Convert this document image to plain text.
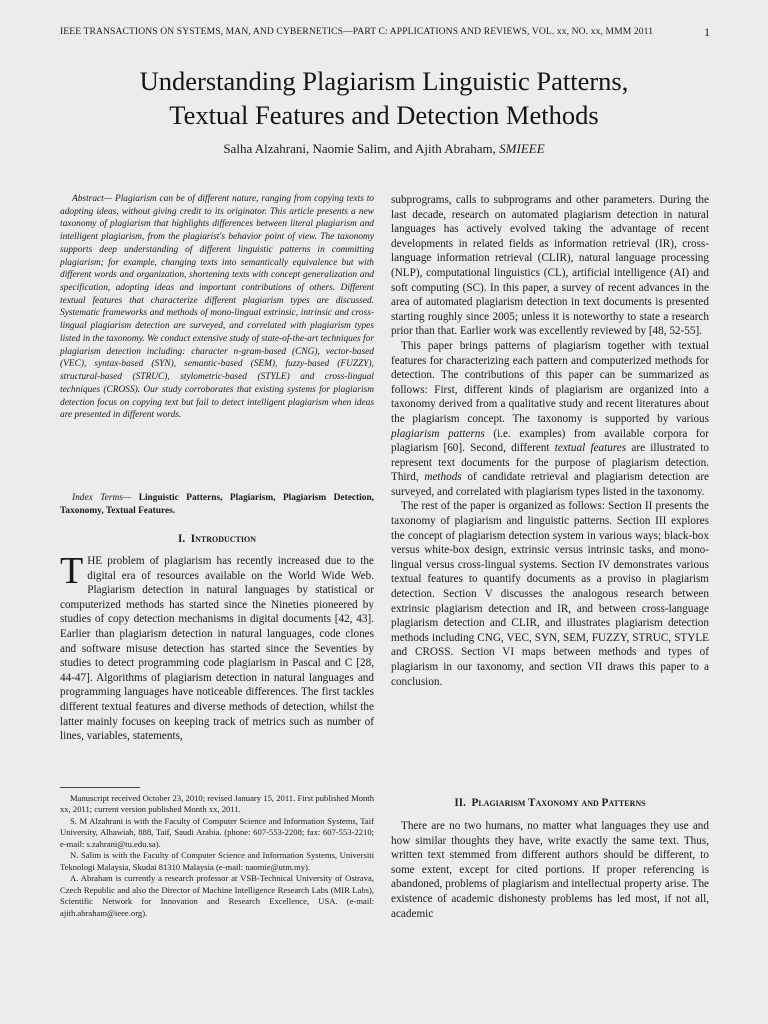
IEEE TRANSACTIONS ON SYSTEMS, MAN, AND CYBERNETICS—PART C: APPLICATIONS AND REVIEWS, VOL. xx, NO. xx, MMM 2011	1
Understanding Plagiarism Linguistic Patterns,
Textual Features and Detection Methods
Salha Alzahrani, Naomie Salim, and Ajith Abraham, SMIEEE

Abstract— Plagiarism can be of different nature, ranging from copying texts to adopting ideas, without giving credit to its originator. This article presents a new taxonomy of plagiarism that highlights differences between literal plagiarism and intelligent plagiarism, from the plagiarist's behavior point of view. The taxonomy supports deep understanding of different linguistic patterns in committing plagiarism; for example, changing texts into semantically equivalence but with different words and organization, shortening texts with concept generalization and specification, adopting ideas and important contributions of others. Different textual features that characterize different plagiarism types are discussed. Systematic frameworks and methods of mono-lingual extrinsic, intrinsic and cross-lingual plagiarism detection are surveyed, and correlated with plagiarism types listed in the taxonomy. We conduct extensive study of state-of-the-art techniques for plagiarism detection including: character n-gram-based (CNG), vector-based (VEC), syntax-based (SYN), semantic-based (SEM), fuzzy-based (FUZZY), structural-based (STRUC), stylometric-based (STYLE) and cross-lingual techniques (CROSS). Our study corroborates that existing systems for plagiarism detection focus on copying text but fail to detect intelligent plagiarism when ideas are presented in different words.

Index Terms— Linguistic Patterns, Plagiarism, Plagiarism Detection, Taxonomy, Textual Features.

I. Introduction

THE problem of plagiarism has recently increased due to the digital era of resources available on the World Wide Web. Plagiarism detection in natural languages by statistical or computerized methods has started since the Nineties pioneered by studies of copy detection mechanisms in digital documents [42, 43]. Earlier than plagiarism detection in natural languages, code clones and software misuse detection has started since the Seventies by studies to detect programming code plagiarism in Pascal and C [28, 44-47]. Algorithms of plagiarism detection in natural languages and programming languages have noticeable differences. The first tackles different textual features and diverse methods of detection, whilst the latter mainly focuses on keeping track of metrics such as number of lines, variables, statements,

Manuscript received October 23, 2010; revised January 15, 2011. First published Month xx, 2011; current version published Month xx, 2011.

S. M Alzahrani is with the Faculty of Computer Science and Information Systems, Taif University, Alhawiah, 888, Taif, Saudi Arabia. (phone: 607-553-2208; fax: 607-553-2210; e-mail: s.zahrani@tu.edu.sa).

N. Salim is with the Faculty of Computer Science and Information Systems, Universiti Teknologi Malaysia, Skudai 81310 Malaysia (e-mail: naomie@utm.my).

A. Abraham is currently a research professor at VSB-Technical University of Ostrava, Czech Republic and also the Director of Machine Intelligence Research Labs (MIR Labs), Scientific Network for Innovation and Research Excellence, USA. (e-mail: ajith.abraham@ieee.org).

subprograms, calls to subprograms and other parameters. During the last decade, research on automated plagiarism detection in natural languages has actively evolved taking the advantage of recent developments in related fields as information retrieval (IR), cross-language information retrieval (CLIR), natural language processing (NLP), computational linguistics (CL), artificial intelligence (AI) and soft computing (SC). In this paper, a survey of recent advances in the area of automated plagiarism detection in text documents is presented starting roughly since 2005; unless it is noteworthy to state a research prior than that. Earlier work was excellently reviewed by [48, 52-55].

This paper brings patterns of plagiarism together with textual features for characterizing each pattern and computerized methods for detection. The contributions of this paper can be summarized as follows: First, different kinds of plagiarism are organized into a taxonomy derived from a qualitative study and recent literatures about the plagiarism concept. The taxonomy is supported by various plagiarism patterns (i.e. examples) from available corpora for plagiarism [60]. Second, different textual features are illustrated to represent text documents for the purpose of plagiarism detection. Third, methods of candidate retrieval and plagiarism detection are surveyed, and correlated with plagiarism types listed in the taxonomy.

The rest of the paper is organized as follows: Section II presents the taxonomy of plagiarism and linguistic patterns. Section III explores the concept of plagiarism detection system in various ways; black-box versus white-box design, extrinsic versus intrinsic tasks, and mono-lingual versus cross-lingual systems. Section IV demonstrates various textual features to quantify documents as a proviso in plagiarism detection. Section V discusses the analogous research between extrinsic plagiarism detection and IR, and between cross-language plagiarism detection and CLIR, and illustrates plagiarism detection methods including CNG, VEC, SYN, SEM, FUZZY, STRUC, STYLE and CROSS. Section VI maps between methods and types of plagiarism in our taxonomy, and section VII draws this paper to a conclusion.

II. Plagiarism Taxonomy and Patterns

There are no two humans, no matter what languages they use and how similar thoughts they have, write exactly the same text. Thus, written text stemmed from different authors should be different, to some extent, except for cited portions. If proper referencing is abandoned, problems of plagiarism and intellectual property arise. The existence of academic dishonesty problems has led most, if not all, academic
